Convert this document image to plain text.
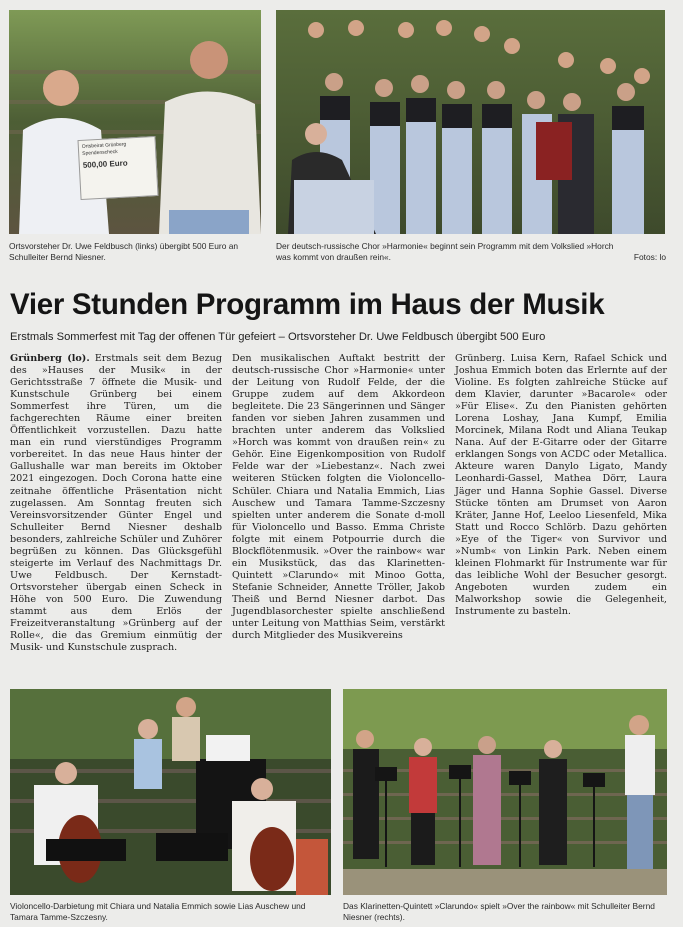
Ortsbeirat Grünberg
Spendenscheck
500,00 Euro
Ortsvorsteher Dr. Uwe Feldbusch (links) übergibt 500 Euro an Schulleiter Bernd Niesner.
Der deutsch-russische Chor »Harmonie« beginnt sein Programm mit dem Volkslied »Horch was kommt von draußen rein«.	Fotos: lo
Vier Stunden Programm im Haus der Musik
Erstmals Sommerfest mit Tag der offenen Tür gefeiert – Ortsvorsteher Dr. Uwe Feldbusch übergibt 500 Euro

Grünberg (lo). Erstmals seit dem Bezug des »Hauses der Musik« in der Gerichtsstraße 7 öffnete die Musik- und Kunstschule Grünberg bei einem Sommerfest ihre Türen, um die fachgerechten Räume einer breiten Öffentlichkeit vorzustellen. Dazu hatte man ein rund vierstündiges Programm vorbereitet. In das neue Haus hinter der Gallushalle war man bereits im Oktober 2021 eingezogen. Doch Corona hatte eine zeitnahe öffentliche Präsentation nicht zugelassen. Am Sonntag freuten sich Vereinsvorsitzender Günter Engel und Schulleiter Bernd Niesner deshalb besonders, zahlreiche Schüler und Zuhörer begrüßen zu können. Das Glücksgefühl steigerte im Verlauf des Nachmittags Dr. Uwe Feldbusch. Der Kernstadt-Ortsvorsteher übergab einen Scheck in Höhe von 500 Euro. Die Zuwendung stammt aus dem Erlös der Freizeitveranstaltung »Grünberg auf der Rolle«, die das Gremium einmütig der Musik- und Kunstschule zusprach.

Den musikalischen Auftakt bestritt der deutsch-russische Chor »Harmonie« unter der Leitung von Rudolf Felde, der die Gruppe zudem auf dem Akkordeon begleitete. Die 23 Sängerinnen und Sänger fanden vor sieben Jahren zusammen und brachten unter anderem das Volkslied »Horch was kommt von draußen rein« zu Gehör. Eine Eigenkomposition von Rudolf Felde war der »Liebestanz«. Nach zwei weiteren Stücken folgten die Violoncello-Schüler. Chiara und Natalia Emmich, Lias Auschew und Tamara Tamme-Szczesny spielten unter anderem die Sonate d-moll für Violoncello und Basso. Emma Christe folgte mit einem Potpourrie durch die Blockflötenmusik. »Over the rainbow« war ein Musikstück, das das Klarinetten-Quintett »Clarundo« mit Minoo Gotta, Stefanie Schneider, Annette Tröller, Jakob Theiß und Bernd Niesner darbot. Das Jugendblasorchester spielte anschließend unter Leitung von Matthias Seim, verstärkt durch Mitglieder des Musikvereins

Grünberg. Luisa Kern, Rafael Schick und Joshua Emmich boten das Erlernte auf der Violine. Es folgten zahlreiche Stücke auf dem Klavier, darunter »Bacarole« oder »Für Elise«. Zu den Pianisten gehörten Lorena Loshay, Jana Kumpf, Emilia Morcinek, Milana Rodt und Aliana Teukap Nana. Auf der E-Gitarre oder der Gitarre erklangen Songs von ACDC oder Metallica. Akteure waren Danylo Ligato, Mandy Leonhardi-Gassel, Mathea Dörr, Laura Jäger und Hanna Sophie Gassel. Diverse Stücke tönten am Drumset von Aaron Kräter, Janne Hof, Leeloo Liesenfeld, Mika Statt und Rocco Schlörb. Dazu gehörten »Eye of the Tiger« von Survivor und »Numb« von Linkin Park. Neben einem kleinen Flohmarkt für Instrumente war für das leibliche Wohl der Besucher gesorgt. Angeboten wurden zudem ein Malworkshop sowie die Gelegenheit, Instrumente zu basteln.

Violoncello-Darbietung mit Chiara und Natalia Emmich sowie Lias Auschew und Tamara Tamme-Szczesny.
Das Klarinetten-Quintett »Clarundo« spielt »Over the rainbow« mit Schulleiter Bernd Niesner (rechts).
